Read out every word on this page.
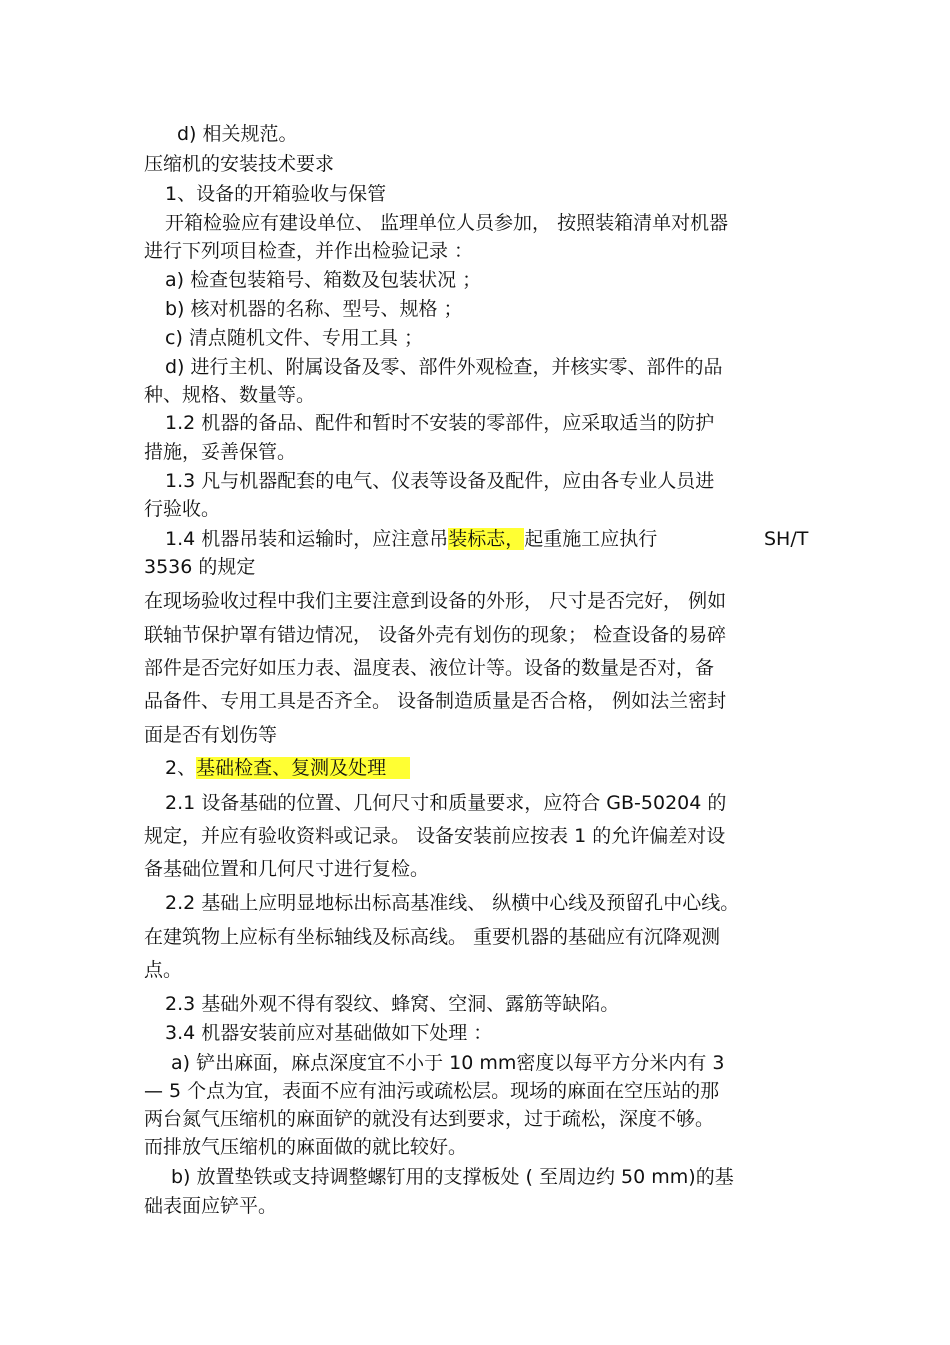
d) 相关规范。
压缩机的安装技术要求
1、设备的开箱验收与保管
开箱检验应有建设单位、 监理单位人员参加， 按照装箱清单对机器
进行下列项目检查，并作出检验记录 ：
a) 检查包装箱号、箱数及包装状况 ；
b) 核对机器的名称、型号、规格 ；
c) 清点随机文件、专用工具 ；
d) 进行主机、附属设备及零、部件外观检查，并核实零、部件的品
种、规格、数量等。
1.2 机器的备品、配件和暂时不安装的零部件，应采取适当的防护
措施，妥善保管。
1.3 凡与机器配套的电气、仪表等设备及配件，应由各专业人员进
行验收。
1.4 机器吊装和运输时，应注意吊装标志，起重施工应执行	SH/T
3536 的规定
在现场验收过程中我们主要注意到设备的外形， 尺寸是否完好， 例如
联轴节保护罩有错边情况， 设备外壳有划伤的现象； 检查设备的易碎
部件是否完好如压力表、温度表、液位计等。设备的数量是否对，备
品备件、专用工具是否齐全。 设备制造质量是否合格， 例如法兰密封
面是否有划伤等
2、基础检查、复测及处理
2.1 设备基础的位置、几何尺寸和质量要求，应符合 GB-50204 的
规定，并应有验收资料或记录。 设备安装前应按表 1 的允许偏差对设
备基础位置和几何尺寸进行复检。
2.2 基础上应明显地标出标高基准线、 纵横中心线及预留孔中心线。
在建筑物上应标有坐标轴线及标高线。 重要机器的基础应有沉降观测
点。
2.3 基础外观不得有裂纹、蜂窝、空洞、露筋等缺陷。
3.4 机器安装前应对基础做如下处理 ：
a) 铲出麻面，麻点深度宜不小于 10 mm密度以每平方分米内有 3
— 5 个点为宜，表面不应有油污或疏松层。现场的麻面在空压站的那
两台氮气压缩机的麻面铲的就没有达到要求，过于疏松，深度不够。
而排放气压缩机的麻面做的就比较好。
b) 放置垫铁或支持调整螺钉用的支撑板处 ( 至周边约 50 mm)的基
础表面应铲平。
